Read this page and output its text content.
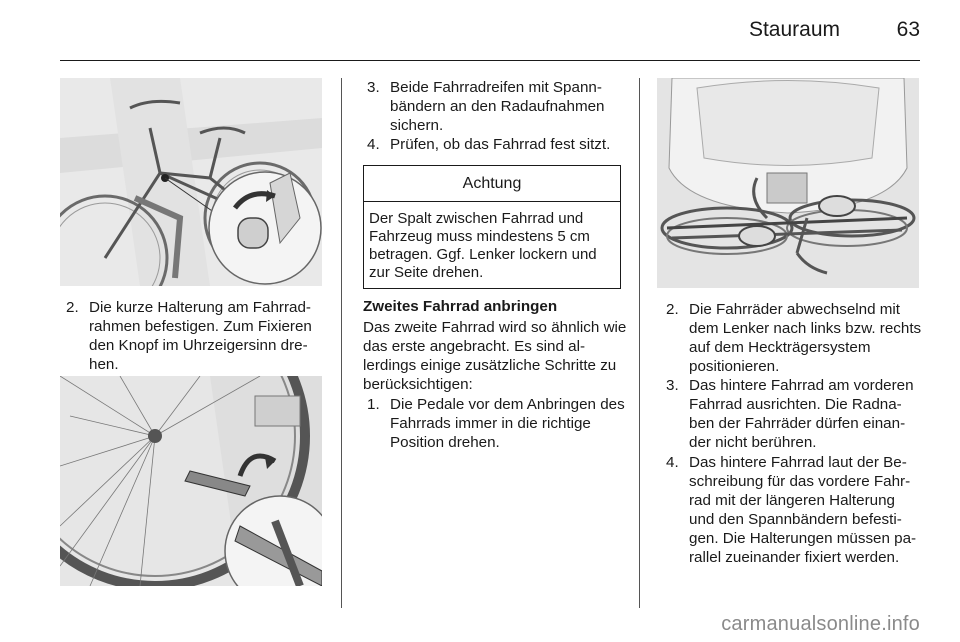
Stauraum	63
2. Die kurze Halterung am Fahrrad-rahmen befestigen. Zum Fixieren den Knopf im Uhrzeigersinn dre-hen.
3. Beide Fahrradreifen mit Spann-bändern an den Radaufnahmen sichern.
4. Prüfen, ob das Fahrrad fest sitzt.
Achtung
Der Spalt zwischen Fahrrad und Fahrzeug muss mindestens 5 cm betragen. Ggf. Lenker lockern und zur Seite drehen.
Zweites Fahrrad anbringen
Das zweite Fahrrad wird so ähnlich wie das erste angebracht. Es sind al-lerdings einige zusätzliche Schritte zu berücksichtigen:
1. Die Pedale vor dem Anbringen des Fahrrads immer in die richtige Position drehen.
2. Die Fahrräder abwechselnd mit dem Lenker nach links bzw. rechts auf dem Heckträgersystem positionieren.
3. Das hintere Fahrrad am vorderen Fahrrad ausrichten. Die Radna-ben der Fahrräder dürfen einan-der nicht berühren.
4. Das hintere Fahrrad laut der Be-schreibung für das vordere Fahr-rad mit der längeren Halterung und den Spannbändern befesti-gen. Die Halterungen müssen pa-rallel zueinander fixiert werden.
carmanualsonline.info
